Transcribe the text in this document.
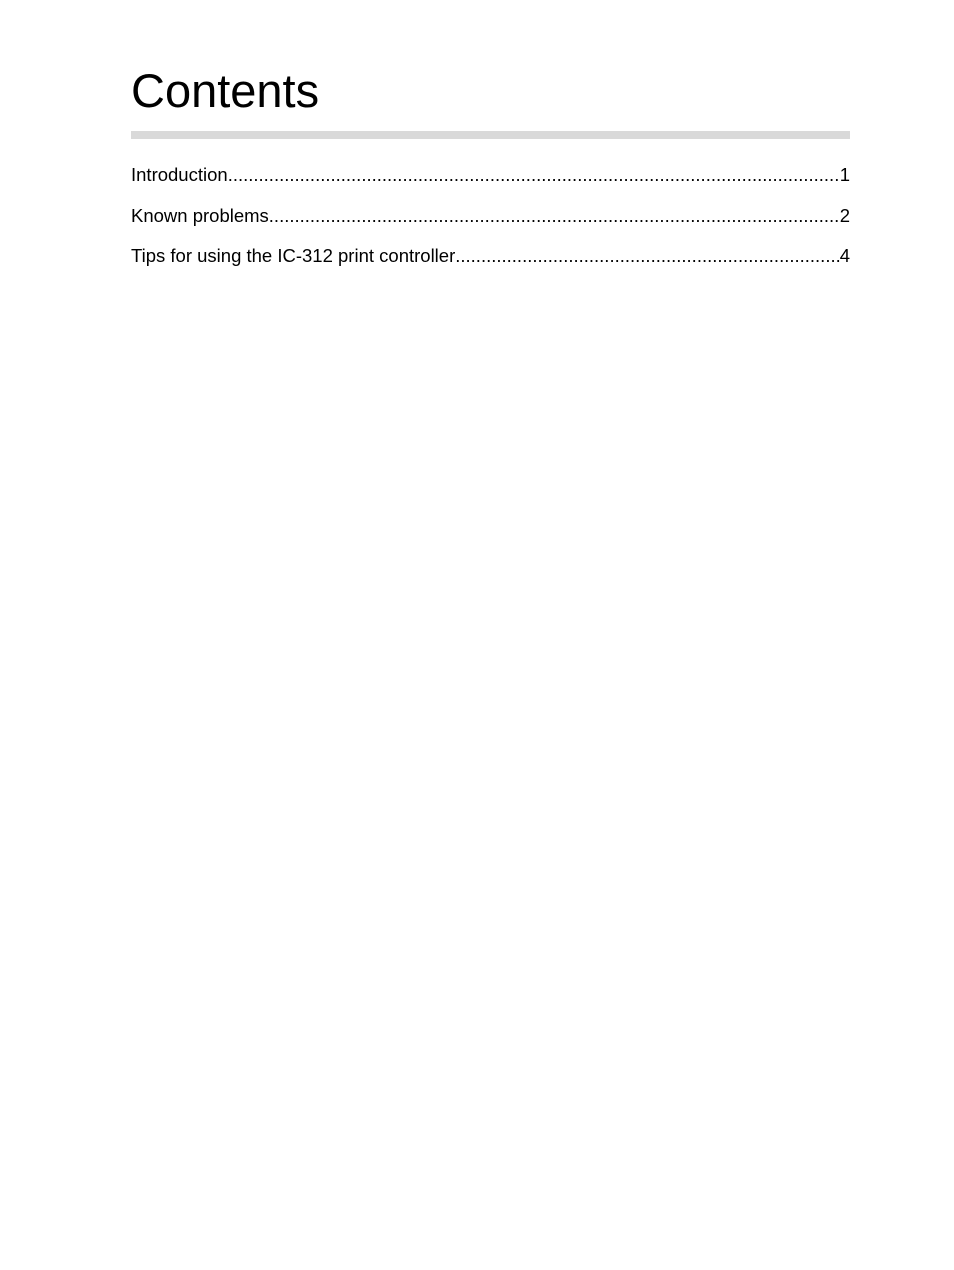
Contents
Introduction .....	1
Known problems .....	2
Tips for using the IC-312 print controller .....	4
